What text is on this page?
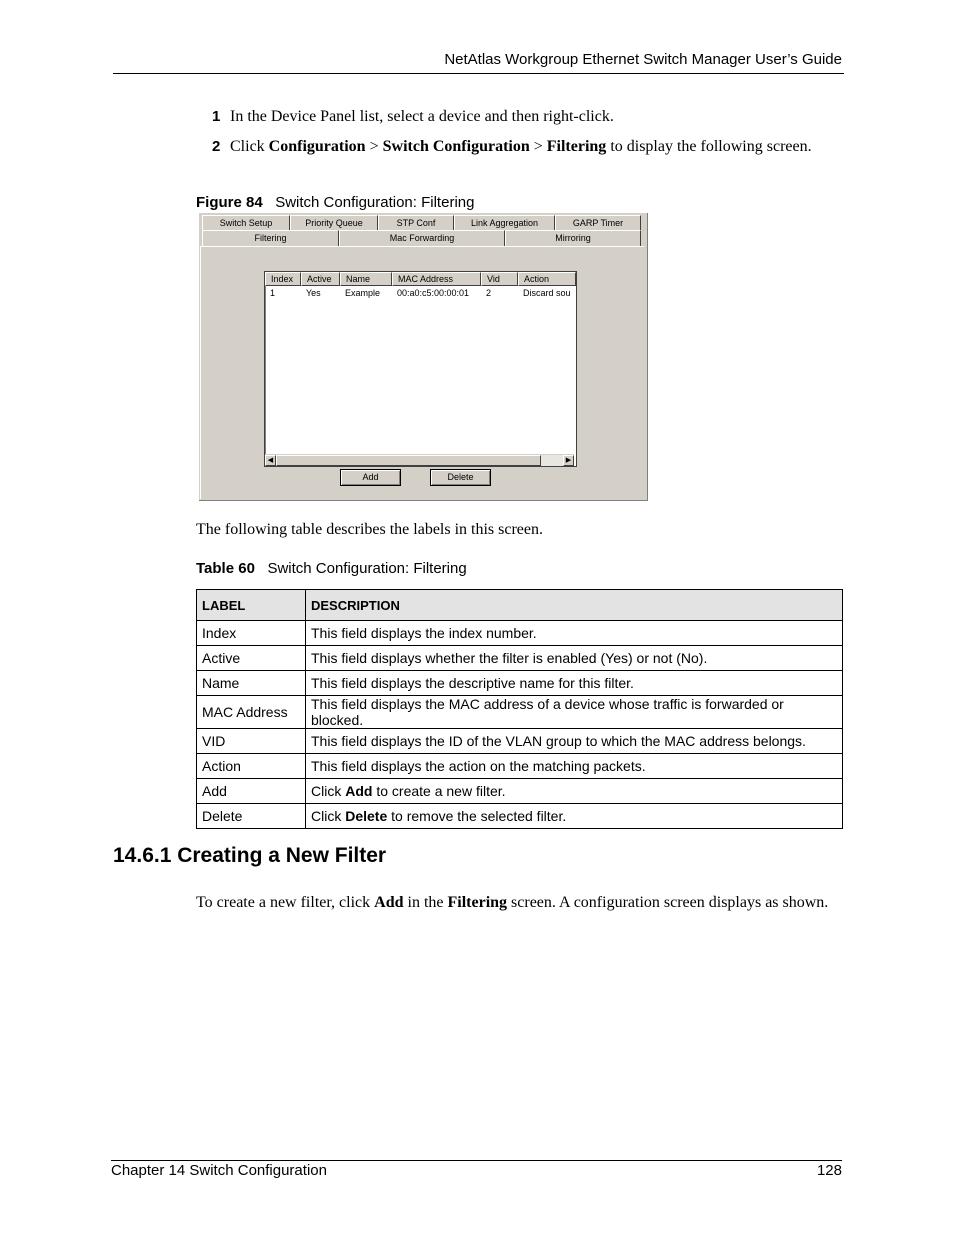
NetAtlas Workgroup Ethernet Switch Manager User’s Guide
1 In the Device Panel list, select a device and then right-click.
2 Click Configuration > Switch Configuration > Filtering to display the following screen.
Figure 84 Switch Configuration: Filtering
Switch Setup	Priority Queue	STP Conf	Link Aggregation	GARP Timer
Filtering	Mac Forwarding	Mirroring
Index	Active	Name	MAC Address	Vid	Action
1	Yes	Example	00:a0:c5:00:00:01	2	Discard sou
◀	▶
Add	Delete
The following table describes the labels in this screen.
Table 60 Switch Configuration: Filtering
LABEL	DESCRIPTION
Index	This field displays the index number.
Active	This field displays whether the filter is enabled (Yes) or not (No).
Name	This field displays the descriptive name for this filter.
MAC Address	This field displays the MAC address of a device whose traffic is forwarded or blocked.
VID	This field displays the ID of the VLAN group to which the MAC address belongs.
Action	This field displays the action on the matching packets.
Add	Click Add to create a new filter.
Delete	Click Delete to remove the selected filter.
14.6.1 Creating a New Filter
To create a new filter, click Add in the Filtering screen. A configuration screen displays as shown.
Chapter 14 Switch Configuration	128
